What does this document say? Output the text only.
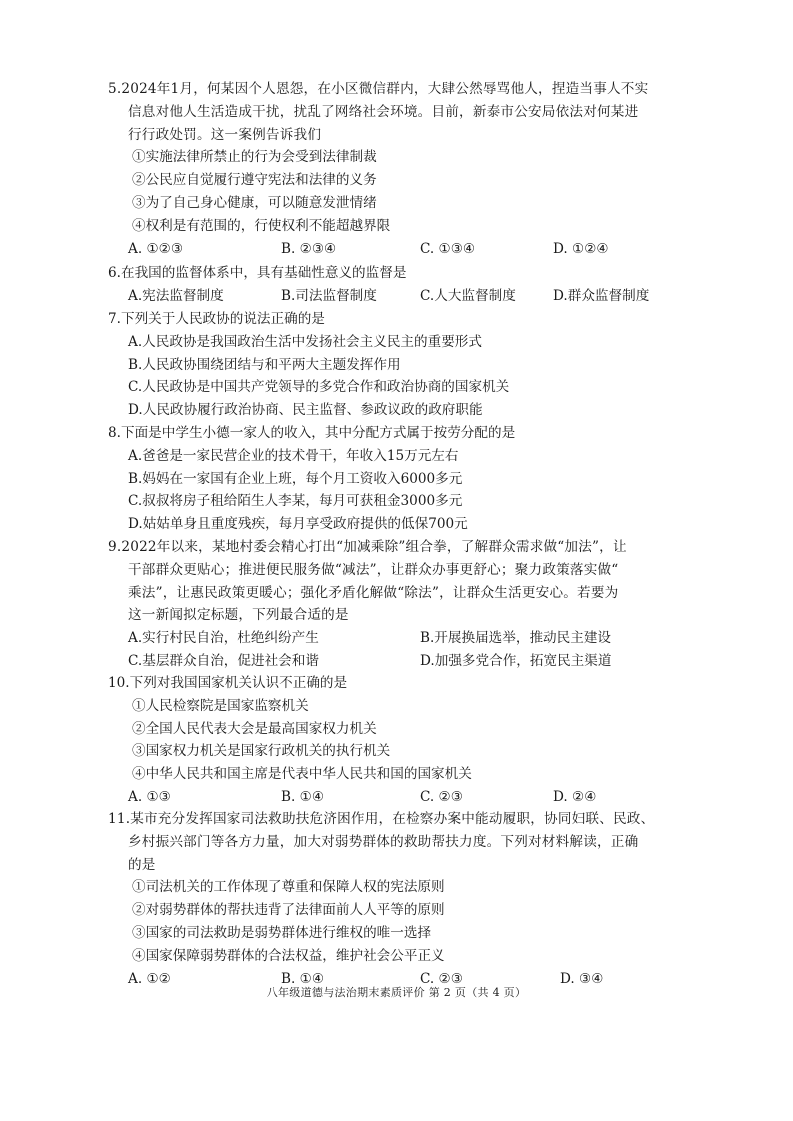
5.2024年1月，何某因个人恩怨，在小区微信群内，大肆公然辱骂他人，捏造当事人不实
信息对他人生活造成干扰，扰乱了网络社会环境。目前，新泰市公安局依法对何某进
行行政处罚。这一案例告诉我们
①实施法律所禁止的行为会受到法律制裁
②公民应自觉履行遵守宪法和法律的义务
③为了自己身心健康，可以随意发泄情绪
④权利是有范围的，行使权利不能超越界限
A. ①②③	B. ②③④	C. ①③④	D. ①②④
6.在我国的监督体系中，具有基础性意义的监督是
A.宪法监督制度	B.司法监督制度	C.人大监督制度	D.群众监督制度
7.下列关于人民政协的说法正确的是
A.人民政协是我国政治生活中发扬社会主义民主的重要形式
B.人民政协围绕团结与和平两大主题发挥作用
C.人民政协是中国共产党领导的多党合作和政治协商的国家机关
D.人民政协履行政治协商、民主监督、参政议政的政府职能
8.下面是中学生小德一家人的收入，其中分配方式属于按劳分配的是
A.爸爸是一家民营企业的技术骨干，年收入15万元左右
B.妈妈在一家国有企业上班，每个月工资收入6000多元
C.叔叔将房子租给陌生人李某，每月可获租金3000多元
D.姑姑单身且重度残疾，每月享受政府提供的低保700元
9.2022年以来，某地村委会精心打出“加减乘除”组合拳，了解群众需求做“加法”，让
干部群众更贴心；推进便民服务做“减法”，让群众办事更舒心；聚力政策落实做“
乘法”，让惠民政策更暖心；强化矛盾化解做“除法”，让群众生活更安心。若要为
这一新闻拟定标题，下列最合适的是
A.实行村民自治，杜绝纠纷产生	B.开展换届选举，推动民主建设
C.基层群众自治，促进社会和谐	D.加强多党合作，拓宽民主渠道
10.下列对我国国家机关认识不正确的是
①人民检察院是国家监察机关
②全国人民代表大会是最高国家权力机关
③国家权力机关是国家行政机关的执行机关
④中华人民共和国主席是代表中华人民共和国的国家机关
A. ①③	B. ①④	C. ②③	D. ②④
11.某市充分发挥国家司法救助扶危济困作用，在检察办案中能动履职，协同妇联、民政、
乡村振兴部门等各方力量，加大对弱势群体的救助帮扶力度。下列对材料解读，正确
的是
①司法机关的工作体现了尊重和保障人权的宪法原则
②对弱势群体的帮扶违背了法律面前人人平等的原则
③国家的司法救助是弱势群体进行维权的唯一选择
④国家保障弱势群体的合法权益，维护社会公平正义
A. ①②	B. ①④	C. ②③	D. ③④
八年级道德与法治期末素质评价 第 2 页（共 4 页）
